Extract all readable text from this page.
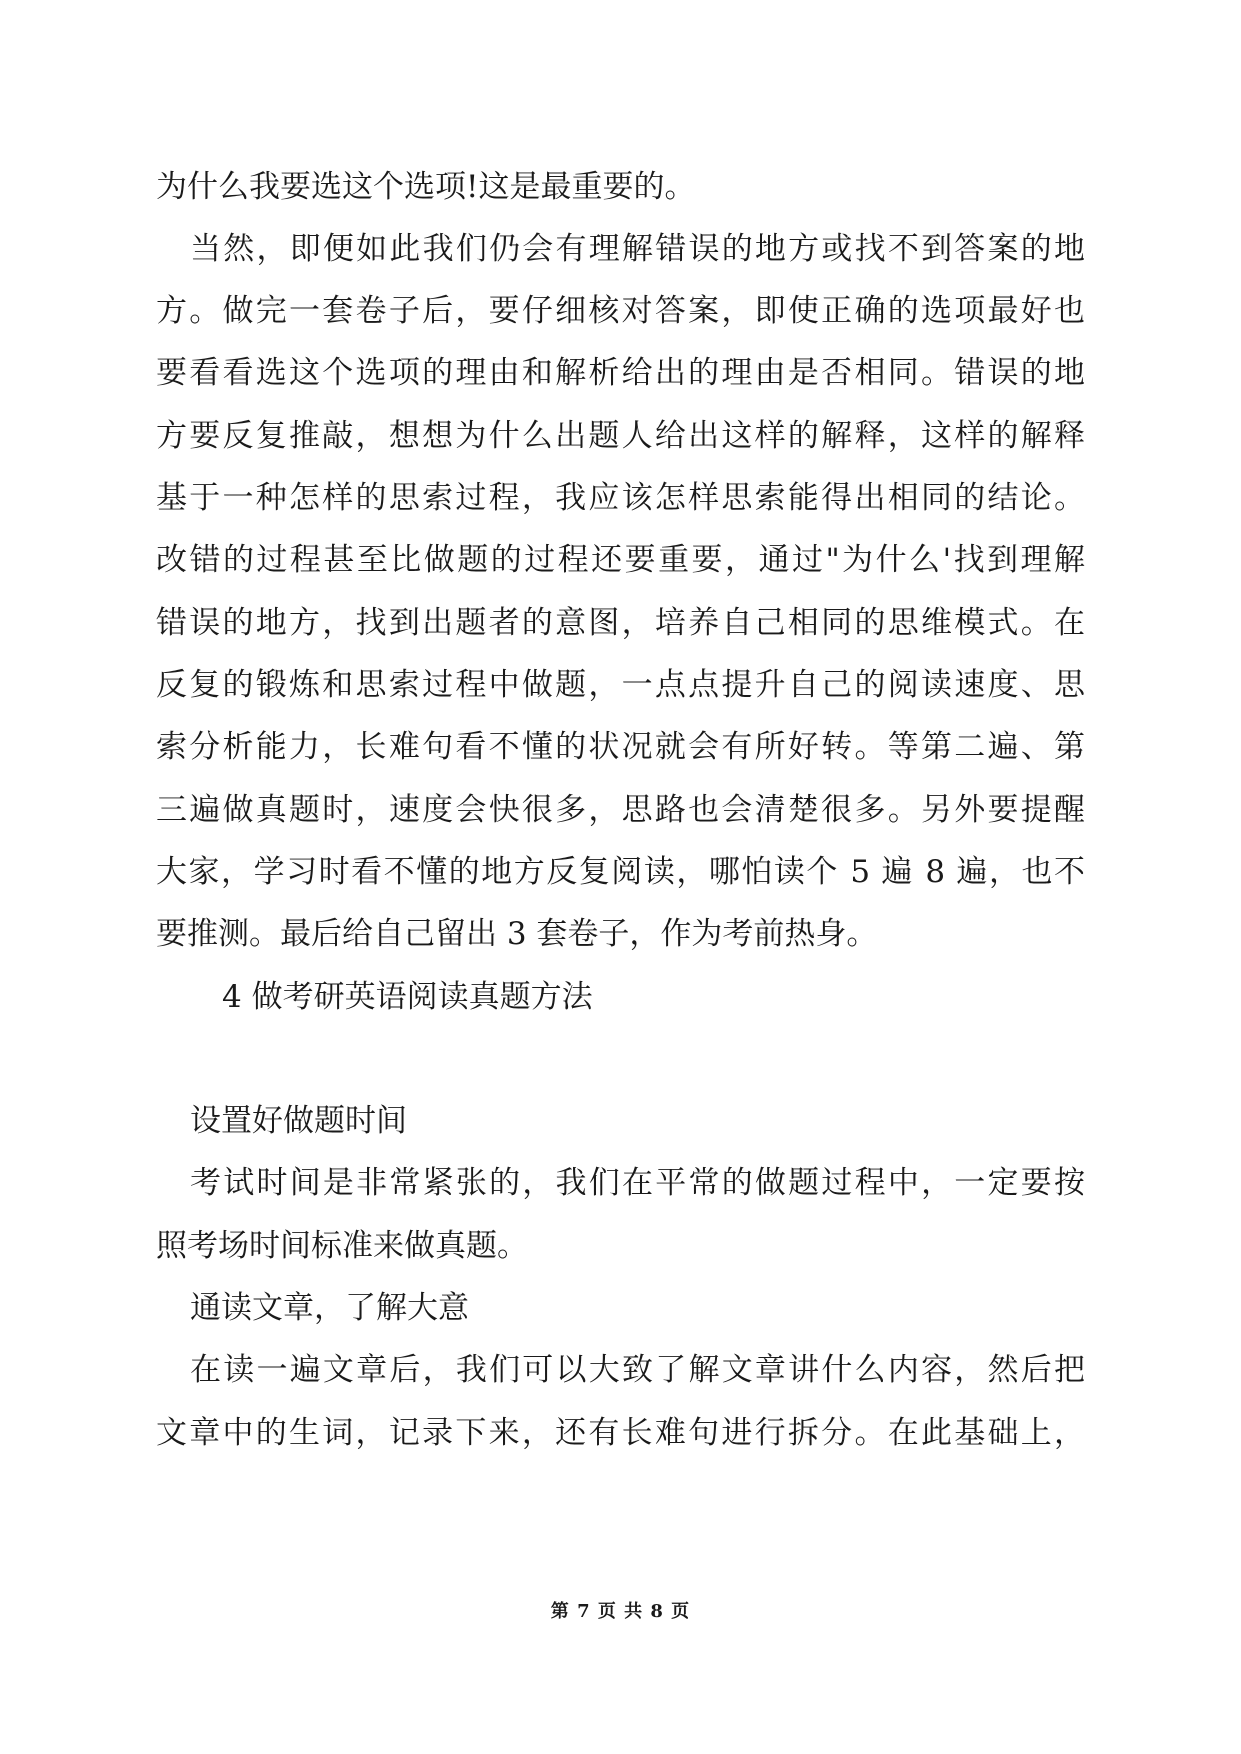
为什么我要选这个选项!这是最重要的。
当然，即便如此我们仍会有理解错误的地方或找不到答案的地
方。做完一套卷子后，要仔细核对答案，即使正确的选项最好也
要看看选这个选项的理由和解析给出的理由是否相同。错误的地
方要反复推敲，想想为什么出题人给出这样的解释，这样的解释
基于一种怎样的思索过程，我应该怎样思索能得出相同的结论。
改错的过程甚至比做题的过程还要重要，通过"为什么'找到理解
错误的地方，找到出题者的意图，培养自己相同的思维模式。在
反复的锻炼和思索过程中做题，一点点提升自己的阅读速度、思
索分析能力，长难句看不懂的状况就会有所好转。等第二遍、第
三遍做真题时，速度会快很多，思路也会清楚很多。另外要提醒
大家，学习时看不懂的地方反复阅读，哪怕读个 5 遍 8 遍，也不
要推测。最后给自己留出 3 套卷子，作为考前热身。
4 做考研英语阅读真题方法
设置好做题时间
考试时间是非常紧张的，我们在平常的做题过程中，一定要按
照考场时间标准来做真题。
通读文章，了解大意
在读一遍文章后，我们可以大致了解文章讲什么内容，然后把
文章中的生词，记录下来，还有长难句进行拆分。在此基础上，
第 7 页 共 8 页
